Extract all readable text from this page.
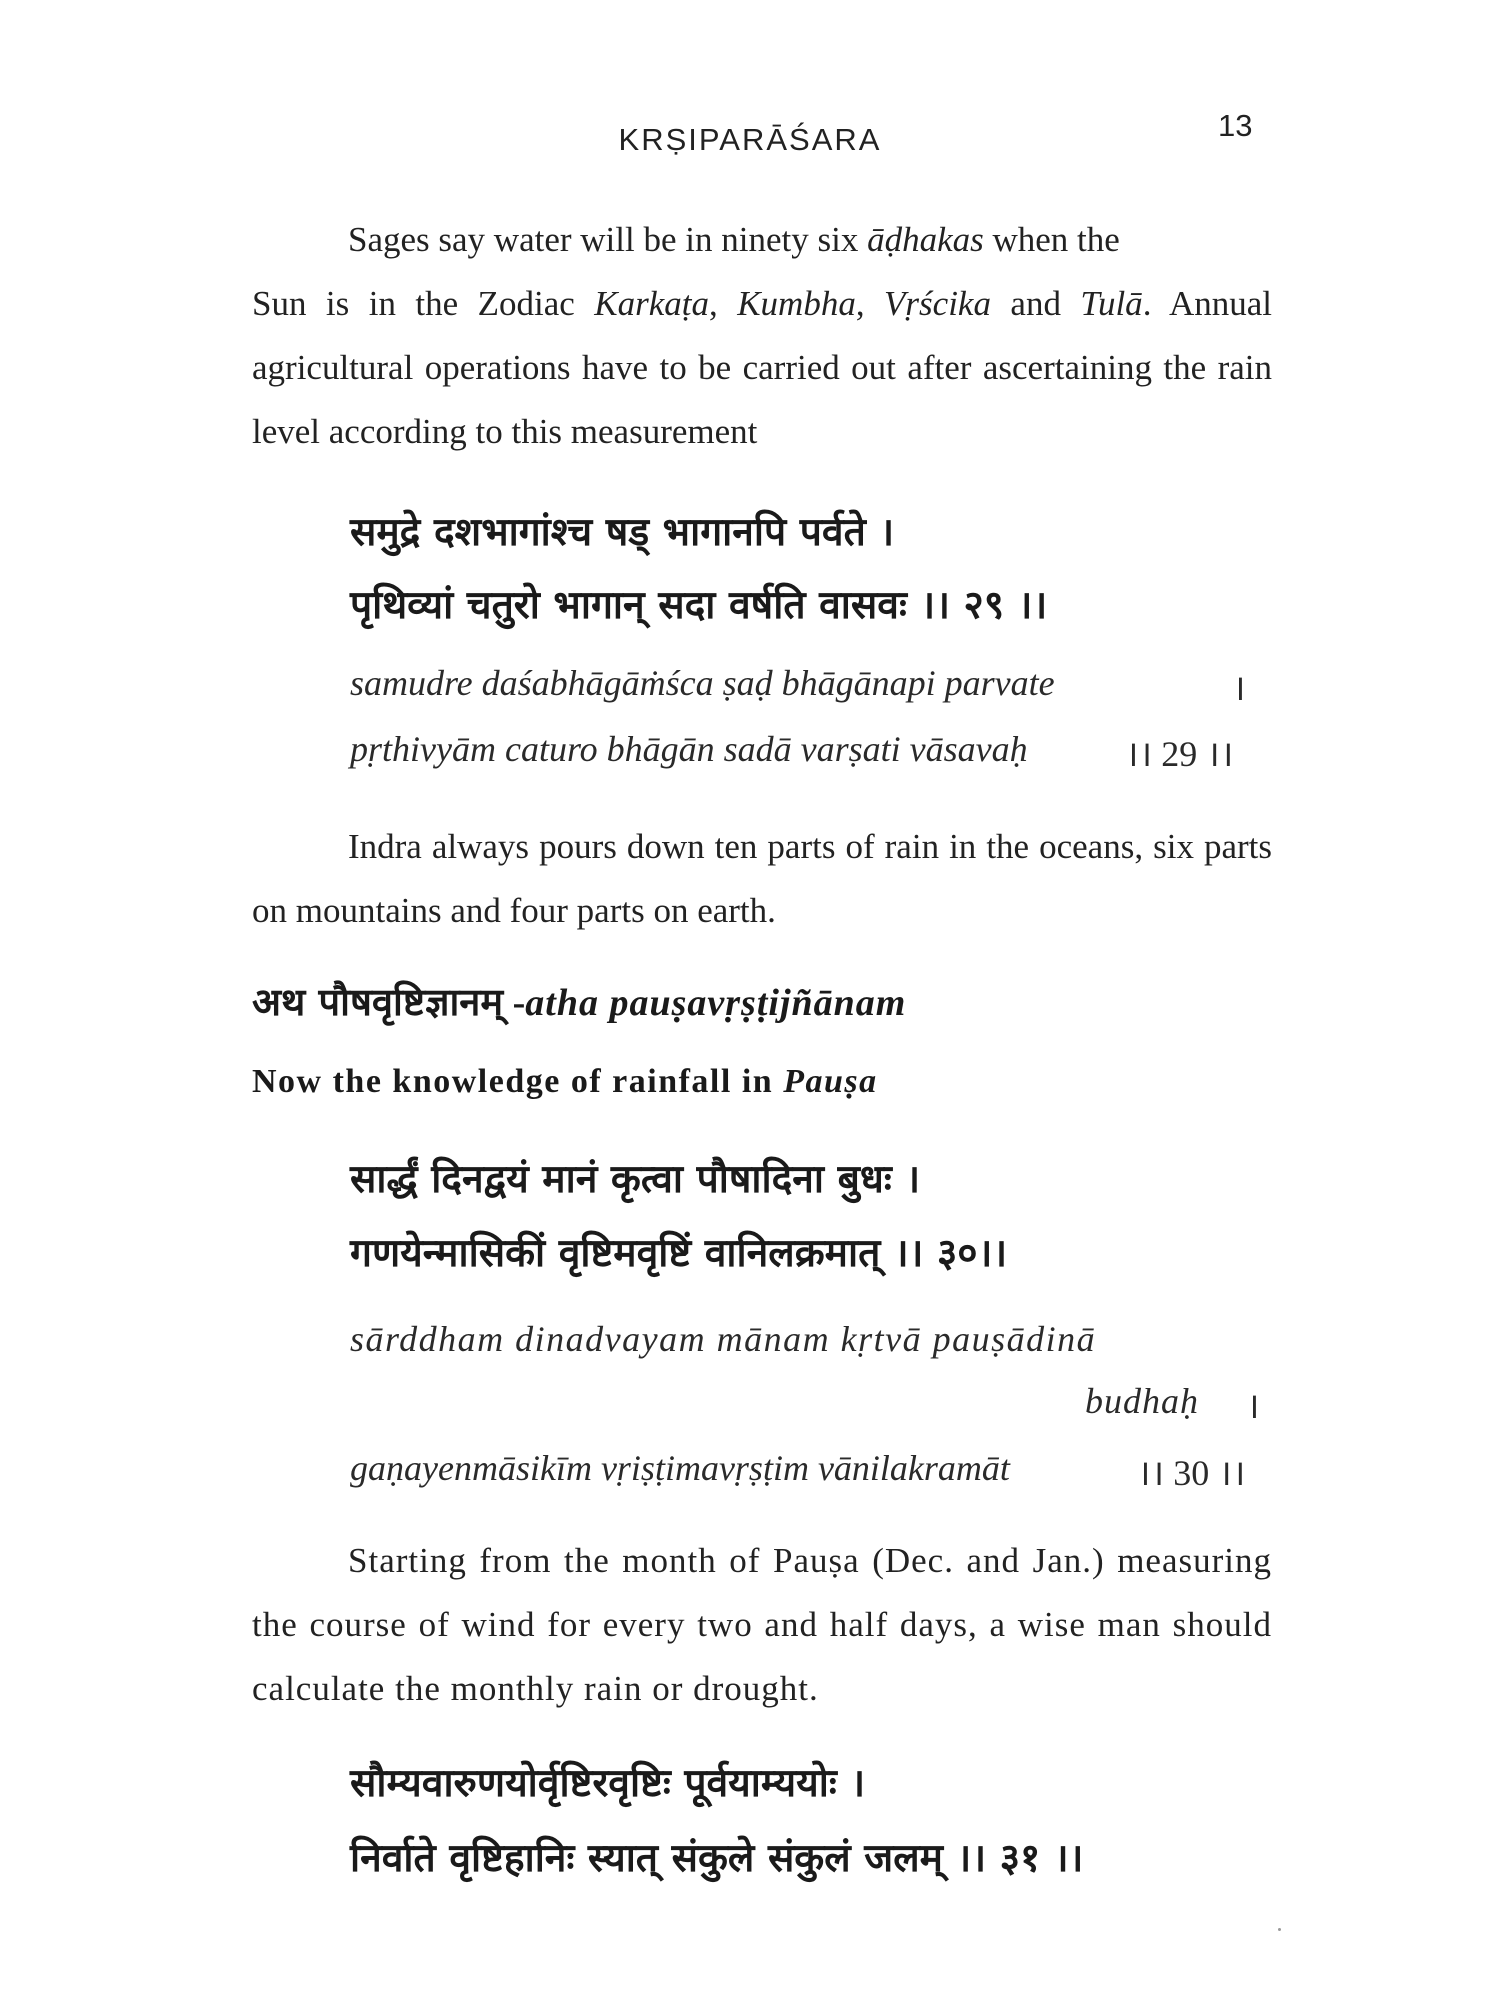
KRṢIPARĀŚARA	13
Sages say water will be in ninety six āḍhakas when the
Sun is in the Zodiac Karkaṭa, Kumbha, Vṛścika and Tulā. Annual agricultural operations have to be carried out after ascertaining the rain level according to this measurement
समुद्रे दशभागांश्च षड् भागानपि पर्वते ।
पृथिव्यां चतुरो भागान् सदा वर्षति वासवः ।। २९ ।।
samudre daśabhāgāṁśca ṣaḍ bhāgānapi parvate	।
pṛthivyām caturo bhāgān sadā varṣati vāsavaḥ	।। 29 ।।
Indra always pours down ten parts of rain in the oceans, six parts on mountains and four parts on earth.
अथ पौषवृष्टिज्ञानम् -atha pauṣavṛṣṭijñānam
Now the knowledge of rainfall in Pauṣa
सार्द्धं दिनद्वयं मानं कृत्वा पौषादिना बुधः ।
गणयेन्मासिकीं वृष्टिमवृष्टिं वानिलक्रमात् ।। ३०।।
sārddham dinadvayam mānam kṛtvā pauṣādinā
budhaḥ ।
gaṇayenmāsikīm vṛiṣṭimavṛṣṭim vānilakramāt	।। 30 ।।
Starting from the month of Pauṣa (Dec. and Jan.) measuring the course of wind for every two and half days, a wise man should calculate the monthly rain or drought.
सौम्यवारुणयोर्वृष्टिरवृष्टिः पूर्वयाम्ययोः ।
निर्वाते वृष्टिहानिः स्यात् संकुले संकुलं जलम् ।। ३१ ।।
